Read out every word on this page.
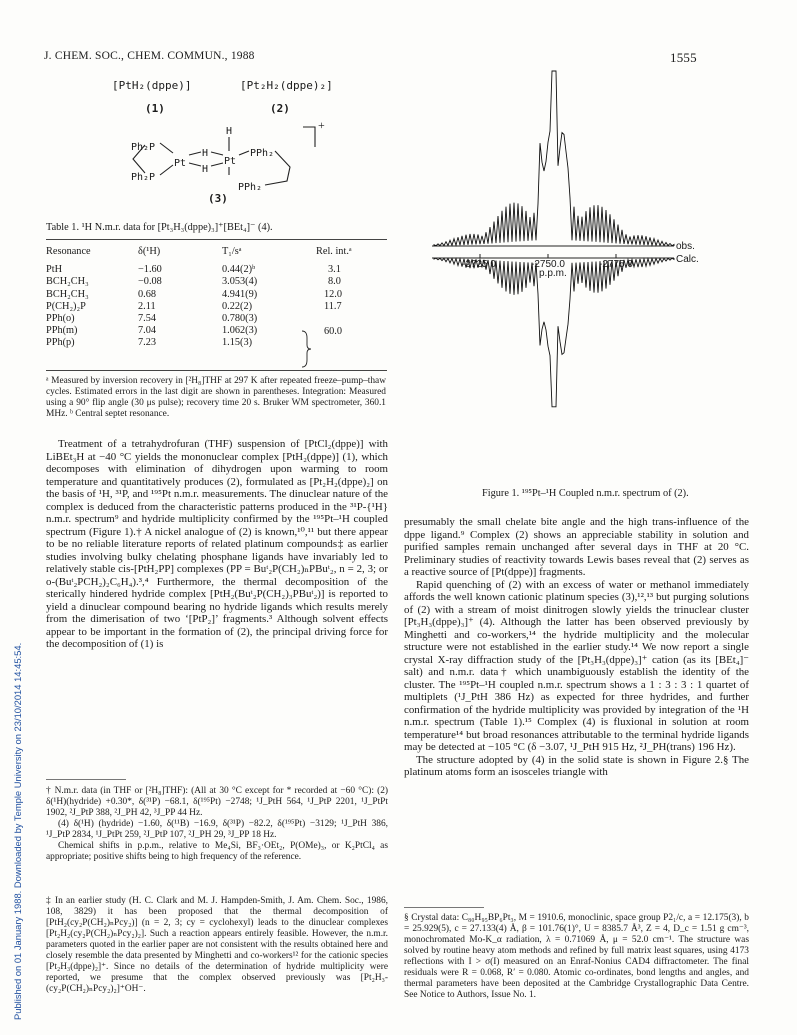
Published on 01 January 1988. Downloaded by Temple University on 23/10/2014 14:45:54.
J. CHEM. SOC., CHEM. COMMUN., 1988	1555
[PtH₂(dppe)]	[Pt₂H₂(dppe)₂]
(1)	(2)
Ph₂P
Ph₂P
Pt
H
H
H
Pt
PPh₂
PPh₂
+
(3)
Table 1. ¹H N.m.r. data for [Pt₃H₃(dppe)₃]⁺[BEt₄]⁻ (4).
Resonance	δ(¹H)	T₁/sᵃ	Rel. int.ᵃ

PtH	−1.60	0.44(2)ᵇ	3.1
BCH₂CH₃	−0.08	3.053(4)	8.0
BCH₂CH₃	0.68	4.941(9)	12.0
P(CH₂)₂P	2.11	0.22(2)	11.7
PPh(o)	7.54	0.780(3)	60.0
PPh(m)	7.04	1.062(3)	
PPh(p)	7.23	1.15(3)	
ᵃ Measured by inversion recovery in [²H₈]THF at 297 K after repeated freeze–pump–thaw cycles. Estimated errors in the last digit are shown in parentheses. Integration: Measured using a 90° flip angle (30 μs pulse); recovery time 20 s. Bruker WM spectrometer, 360.1 MHz. ᵇ Central septet resonance.

Treatment of a tetrahydrofuran (THF) suspension of [PtCl₂(dppe)] with LiBEt₃H at −40 °C yields the mononuclear complex [PtH₂(dppe)] (1), which decomposes with elimination of dihydrogen upon warming to room temperature and quantitatively produces (2), formulated as [Pt₂H₂(dppe)₂] on the basis of ¹H, ³¹P, and ¹⁹⁵Pt n.m.r. measurements. The dinuclear nature of the complex is deduced from the characteristic patterns produced in the ³¹P-{¹H} n.m.r. spectrum⁹ and hydride multiplicity confirmed by the ¹⁹⁵Pt–¹H coupled spectrum (Figure 1).† A nickel analogue of (2) is known,¹⁰,¹¹ but there appear to be no reliable literature reports of related platinum compounds‡ as earlier studies involving bulky chelating phosphane ligands have invariably led to relatively stable cis-[PtH₂PP] complexes (PP = Buᵗ₂P(CH₂)ₙPBuᵗ₂, n = 2, 3; or o-(Buᵗ₂PCH₂)₂C₆H₄).³,⁴ Furthermore, the thermal decomposition of the sterically hindered hydride complex [PtH₂(Buᵗ₂P(CH₂)₃PBuᵗ₂)] is reported to yield a dinuclear compound bearing no hydride ligands which results merely from the dimerisation of two ‘[PtP₂]’ fragments.³ Although solvent effects appear to be important in the formation of (2), the principal driving force for the decomposition of (1) is

† N.m.r. data (in THF or [²H₈]THF): (All at 30 °C except for * recorded at −60 °C): (2) δ(¹H)(hydride) +0.30*, δ(³¹P) −68.1, δ(¹⁹⁵Pt) −2748; ¹J_PtH 564, ¹J_PtP 2201, ¹J_PtPt 1902, ²J_PtP 388, ²J_PH 42, ³J_PP 44 Hz.

(4) δ(¹H) (hydride) −1.60, δ(¹¹B) −16.9, δ(³¹P) −82.2, δ(¹⁹⁵Pt) −3129; ¹J_PtH 386, ¹J_PtP 2834, ¹J_PtPt 259, ²J_PtP 107, ²J_PH 29, ³J_PP 18 Hz.

Chemical shifts in p.p.m., relative to Me₄Si, BF₃·OEt₂, P(OMe)₃, or K₂PtCl₄ as appropriate; positive shifts being to high frequency of the reference.

‡ In an earlier study (H. C. Clark and M. J. Hampden-Smith, J. Am. Chem. Soc., 1986, 108, 3829) it has been proposed that the thermal decomposition of [PtH₂(cy₂P(CH₂)ₙPcy₂)] (n = 2, 3; cy = cyclohexyl) leads to the dinuclear complexes [Pt₂H₂(cy₂P(CH₂)ₙPcy₂)₂]. Such a reaction appears entirely feasible. However, the n.m.r. parameters quoted in the earlier paper are not consistent with the results obtained here and closely resemble the data presented by Minghetti and co-workers¹² for the cationic species [Pt₂H₃(dppe)₂]⁺. Since no details of the determination of hydride multiplicity were reported, we presume that the complex observed previously was [Pt₂H₃-(cy₂P(CH₂)ₙPcy₂)₂]⁺OH⁻.
obs.
Calc.
-2725.0	-2750.0	-2775.0
p.p.m.
Figure 1. ¹⁹⁵Pt–¹H Coupled n.m.r. spectrum of (2).

presumably the small chelate bite angle and the high trans-influence of the dppe ligand.⁹ Complex (2) shows an appreciable stability in solution and purified samples remain unchanged after several days in THF at 20 °C. Preliminary studies of reactivity towards Lewis bases reveal that (2) serves as a reactive source of [Pt(dppe)] fragments.

Rapid quenching of (2) with an excess of water or methanol immediately affords the well known cationic platinum species (3),¹²,¹³ but purging solutions of (2) with a stream of moist dinitrogen slowly yields the trinuclear cluster [Pt₃H₃(dppe)₃]⁺ (4). Although the latter has been observed previously by Minghetti and co-workers,¹⁴ the hydride multiplicity and the molecular structure were not established in the earlier study.¹⁴ We now report a single crystal X-ray diffraction study of the [Pt₃H₃(dppe)₃]⁺ cation (as its [BEt₄]⁻ salt) and n.m.r. data† which unambiguously establish the identity of the cluster. The ¹⁹⁵Pt–¹H coupled n.m.r. spectrum shows a 1 : 3 : 3 : 1 quartet of multiplets (¹J_PtH 386 Hz) as expected for three hydrides, and further confirmation of the hydride multiplicity was provided by integration of the ¹H n.m.r. spectrum (Table 1).¹⁵ Complex (4) is fluxional in solution at room temperature¹⁴ but broad resonances attributable to the terminal hydride ligands may be detected at −105 °C (δ −3.07, ¹J_PtH 915 Hz, ²J_PH(trans) 196 Hz).

The structure adopted by (4) in the solid state is shown in Figure 2.§ The platinum atoms form an isosceles triangle with

§ Crystal data: C₈₀H₉₅BP₆Pt₃, M = 1910.6, monoclinic, space group P2₁/c, a = 12.175(3), b = 25.929(5), c = 27.133(4) Å, β = 101.76(1)°, U = 8385.7 Å³, Z = 4, D_c = 1.51 g cm⁻³, monochromated Mo-K_α radiation, λ = 0.71069 Å, μ = 52.0 cm⁻¹. The structure was solved by routine heavy atom methods and refined by full matrix least squares, using 4173 reflections with I > σ(I) measured on an Enraf-Nonius CAD4 diffractometer. The final residuals were R = 0.068, R′ = 0.080. Atomic co-ordinates, bond lengths and angles, and thermal parameters have been deposited at the Cambridge Crystallographic Data Centre. See Notice to Authors, Issue No. 1.
